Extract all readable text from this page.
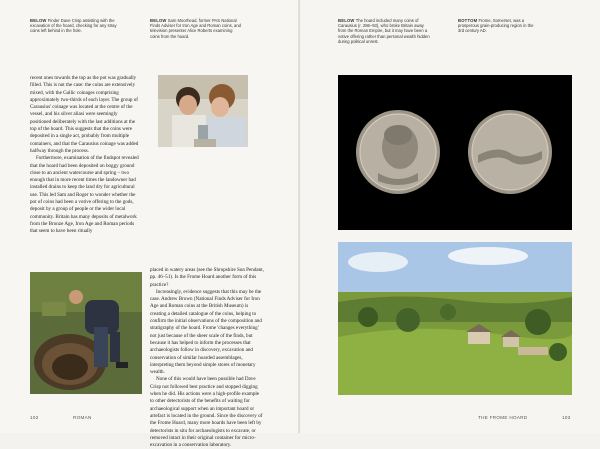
BELOW Finder Dave Crisp assisting with the excavation of the hoard, checking for any stray coins left behind in the hole.
BELOW Sam Moorhead, former PAS National Finds Adviser for Iron Age and Roman coins, and television presenter Alice Roberts examining coins from the hoard.

recent ones towards the top as the pot was gradually filled. This is not the case: the coins are extensively mixed, with the Gallic coinages comprising approximately two-thirds of each layer. The group of Carausius' coinage was located at the centre of the vessel, and his silver aliasi were seemingly positioned deliberately with the last additions at the top of the hoard. This suggests that the coins were deposited in a single act, probably from multiple containers, and that the Carausius coinage was added halfway through the process.

Furthermore, examination of the findspot revealed that the hoard had been deposited on boggy ground close to an ancient watercourse and spring – two enough that in more recent times the landowner had installed drains to keep the land dry for agricultural use. This led Sam and Roger to wonder whether the pot of coins had been a votive offering to the gods, deposit by a group of people or the wider local community. Britain has many deposits of metalwork from the Bronze Age, Iron Age and Roman periods that seem to have been ritually

placed in watery areas (see the Shropshire Sun Pendant, pp. 46–51). Is the Frome Hoard another form of this practice?

Increasingly, evidence suggests that this may be the case. Andrew Brown (National Finds Adviser for Iron Age and Roman coins at the British Museum) is creating a detailed catalogue of the coins, helping to confirm the initial observations of the composition and stratigraphy of the hoard. Frome 'changes everything' not just because of the sheer scale of the finds, but because it has helped to inform the processes that archaeologists follow in discovery, excavation and conservation of similar hoarded assemblages, interpreting them beyond simple stores of monetary wealth.

None of this would have been possible had Dave Crisp not followed best practice and stopped digging when he did. His actions were a high-profile example to other detectorists of the benefits of waiting for archaeological support when an important hoard or artefact is located in the ground. Since the discovery of the Frome Hoard, many more hoards have been left by detectorists in situ for archaeologists to excavate, or removed intact in their original container for micro-excavation in a conservation laboratory.

102	ROMAN
BELOW The hoard included many coins of Carausius (r. 286–93), who broke Britain away from the Roman Empire, but it may have been a votive offering rather than personal wealth hidden during political unrest.
BOTTOM Frome, Somerset, was a prosperous grain-producing region in the 3rd century AD.
THE FROME HOARD	103
